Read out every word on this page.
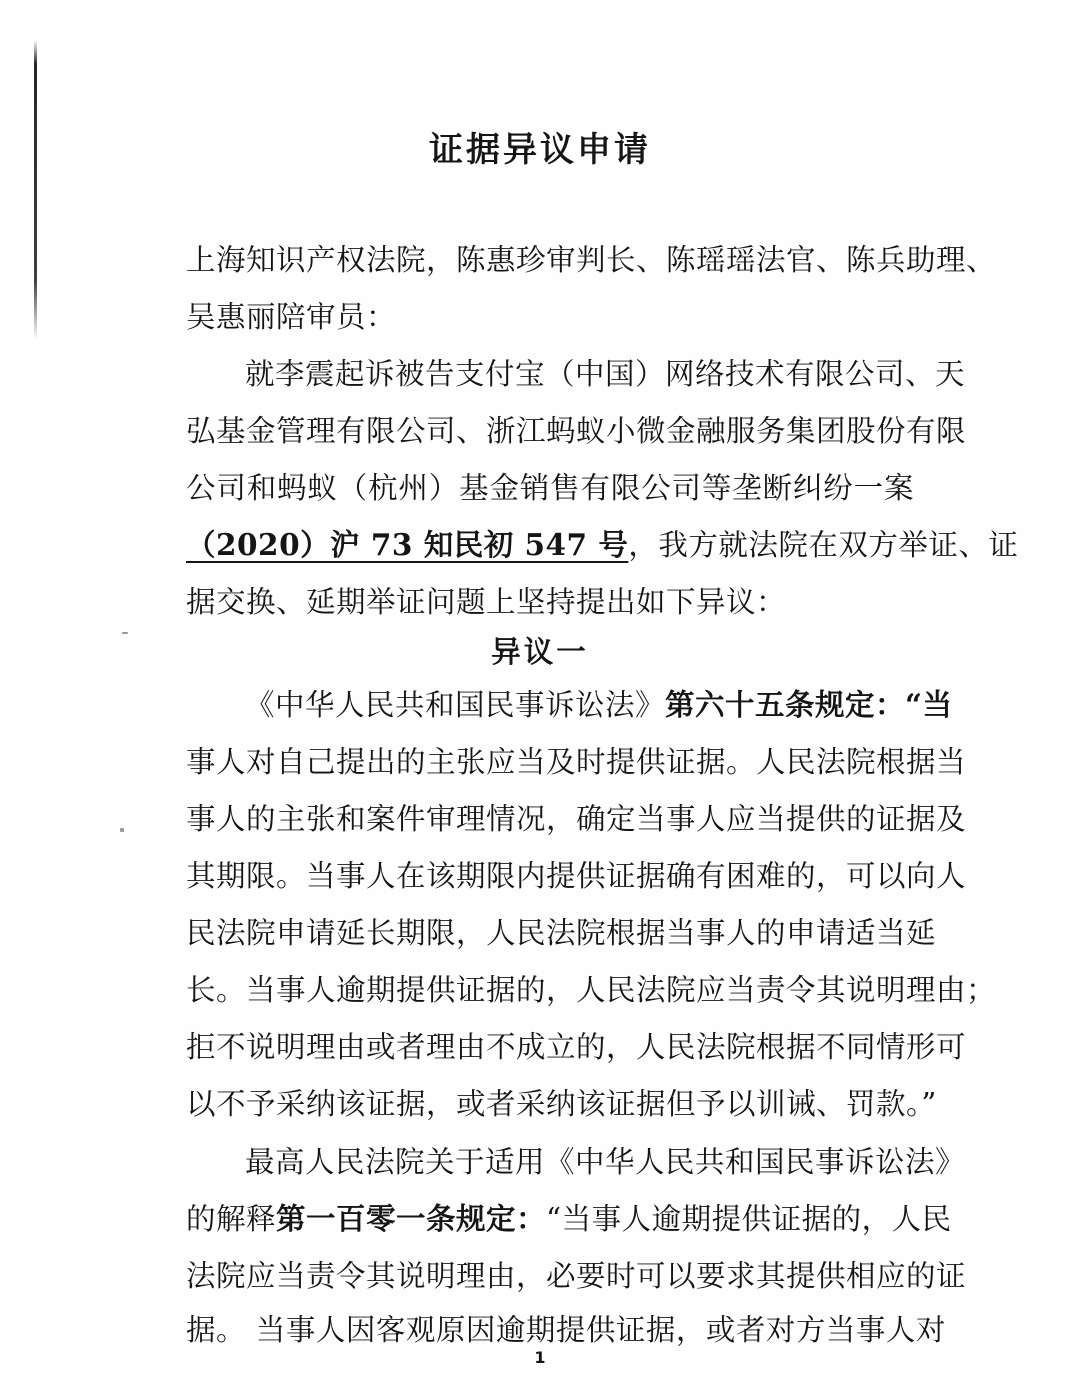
证据异议申请
上海知识产权法院，陈惠珍审判长、陈瑶瑶法官、陈兵助理、
吴惠丽陪审员：
就李震起诉被告支付宝（中国）网络技术有限公司、天
弘基金管理有限公司、浙江蚂蚁小微金融服务集团股份有限
公司和蚂蚁（杭州）基金销售有限公司等垄断纠纷一案
（2020）沪 73 知民初 547 号，我方就法院在双方举证、证
据交换、延期举证问题上坚持提出如下异议：
异议一
《中华人民共和国民事诉讼法》第六十五条规定：“当
事人对自己提出的主张应当及时提供证据。人民法院根据当
事人的主张和案件审理情况，确定当事人应当提供的证据及
其期限。当事人在该期限内提供证据确有困难的，可以向人
民法院申请延长期限，人民法院根据当事人的申请适当延
长。当事人逾期提供证据的，人民法院应当责令其说明理由；
拒不说明理由或者理由不成立的，人民法院根据不同情形可
以不予采纳该证据，或者采纳该证据但予以训诫、罚款。”
最高人民法院关于适用《中华人民共和国民事诉讼法》
的解释第一百零一条规定：“当事人逾期提供证据的，人民
法院应当责令其说明理由，必要时可以要求其提供相应的证
据。 当事人因客观原因逾期提供证据，或者对方当事人对
1
